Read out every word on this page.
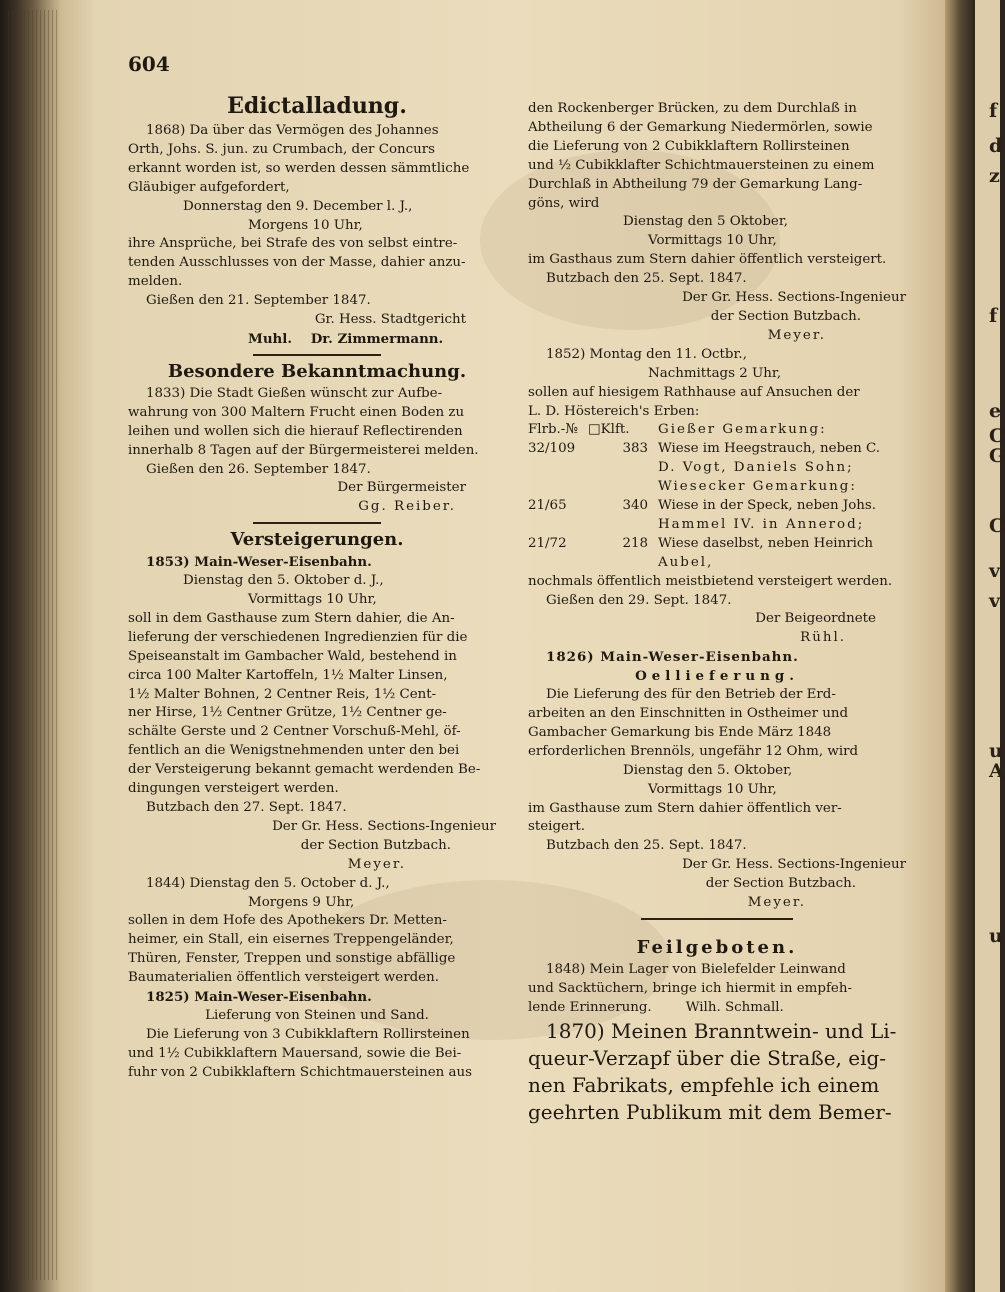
f
d
z
f
e
C
G
C
v
v
u
A
u
604
Edictalladung.
1868) Da über das Vermögen des Johannes
Orth, Johs. S. jun. zu Crumbach, der Concurs
erkannt worden ist, so werden dessen sämmtliche
Gläubiger aufgefordert,
Donnerstag den 9. December l. J.,
Morgens 10 Uhr,
ihre Ansprüche, bei Strafe des von selbst eintre-
tenden Ausschlusses von der Masse, dahier anzu-
melden.
Gießen den 21. September 1847.
Gr. Hess. Stadtgericht
Muhl.    Dr. Zimmermann.
Besondere Bekanntmachung.
1833) Die Stadt Gießen wünscht zur Aufbe-
wahrung von 300 Maltern Frucht einen Boden zu
leihen und wollen sich die hierauf Reflectirenden
innerhalb 8 Tagen auf der Bürgermeisterei melden.
Gießen den 26. September 1847.
Der Bürgermeister
Gg. Reiber.
Versteigerungen.
1853) Main-Weser-Eisenbahn.
Dienstag den 5. Oktober d. J.,
Vormittags 10 Uhr,
soll in dem Gasthause zum Stern dahier, die An-
lieferung der verschiedenen Ingredienzien für die
Speiseanstalt im Gambacher Wald, bestehend in
circa 100 Malter Kartoffeln, 1½ Malter Linsen,
1½ Malter Bohnen, 2 Centner Reis, 1½ Cent-
ner Hirse, 1½ Centner Grütze, 1½ Centner ge-
schälte Gerste und 2 Centner Vorschuß-Mehl, öf-
fentlich an die Wenigstnehmenden unter den bei
der Versteigerung bekannt gemacht werdenden Be-
dingungen versteigert werden.
Butzbach den 27. Sept. 1847.
Der Gr. Hess. Sections-Ingenieur
der Section Butzbach.
Meyer.
1844) Dienstag den 5. October d. J.,
Morgens 9 Uhr,
sollen in dem Hofe des Apothekers Dr. Metten-
heimer, ein Stall, ein eisernes Treppengeländer,
Thüren, Fenster, Treppen und sonstige abfällige
Baumaterialien öffentlich versteigert werden.
1825) Main-Weser-Eisenbahn.
Lieferung von Steinen und Sand.
Die Lieferung von 3 Cubikklaftern Rollirsteinen
und 1½ Cubikklaftern Mauersand, sowie die Bei-
fuhr von 2 Cubikklaftern Schichtmauersteinen aus
den Rockenberger Brücken, zu dem Durchlaß in
Abtheilung 6 der Gemarkung Niedermörlen, sowie
die Lieferung von 2 Cubikklaftern Rollirsteinen
und ½ Cubikklafter Schichtmauersteinen zu einem
Durchlaß in Abtheilung 79 der Gemarkung Lang-
göns, wird
Dienstag den 5 Oktober,
Vormittags 10 Uhr,
im Gasthaus zum Stern dahier öffentlich versteigert.
Butzbach den 25. Sept. 1847.
Der Gr. Hess. Sections-Ingenieur
der Section Butzbach.
Meyer.
1852) Montag den 11. Octbr.,
Nachmittags 2 Uhr,
sollen auf hiesigem Rathhause auf Ansuchen der
L. D. Höstereich's Erben:
Flrb.-№ □Klft.	Gießer Gemarkung:
32/109	383 Wiese im Heegstrauch, neben C.
D. Vogt, Daniels Sohn;
Wiesecker Gemarkung:
21/65	340 Wiese in der Speck, neben Johs.
Hammel IV. in Annerod;
21/72	218 Wiese daselbst, neben Heinrich
Aubel,
nochmals öffentlich meistbietend versteigert werden.
Gießen den 29. Sept. 1847.
Der Beigeordnete
Rühl.
1826) Main-Weser-Eisenbahn.
Oellieferung.
Die Lieferung des für den Betrieb der Erd-
arbeiten an den Einschnitten in Ostheimer und
Gambacher Gemarkung bis Ende März 1848
erforderlichen Brennöls, ungefähr 12 Ohm, wird
Dienstag den 5. Oktober,
Vormittags 10 Uhr,
im Gasthause zum Stern dahier öffentlich ver-
steigert.
Butzbach den 25. Sept. 1847.
Der Gr. Hess. Sections-Ingenieur
der Section Butzbach.
Meyer.
Feilgeboten.
1848) Mein Lager von Bielefelder Leinwand
und Sacktüchern, bringe ich hiermit in empfeh-
lende Erinnerung.        Wilh. Schmall.
1870) Meinen Branntwein- und Li-
queur-Verzapf über die Straße, eig-
nen Fabrikats, empfehle ich einem
geehrten Publikum mit dem Bemer-
